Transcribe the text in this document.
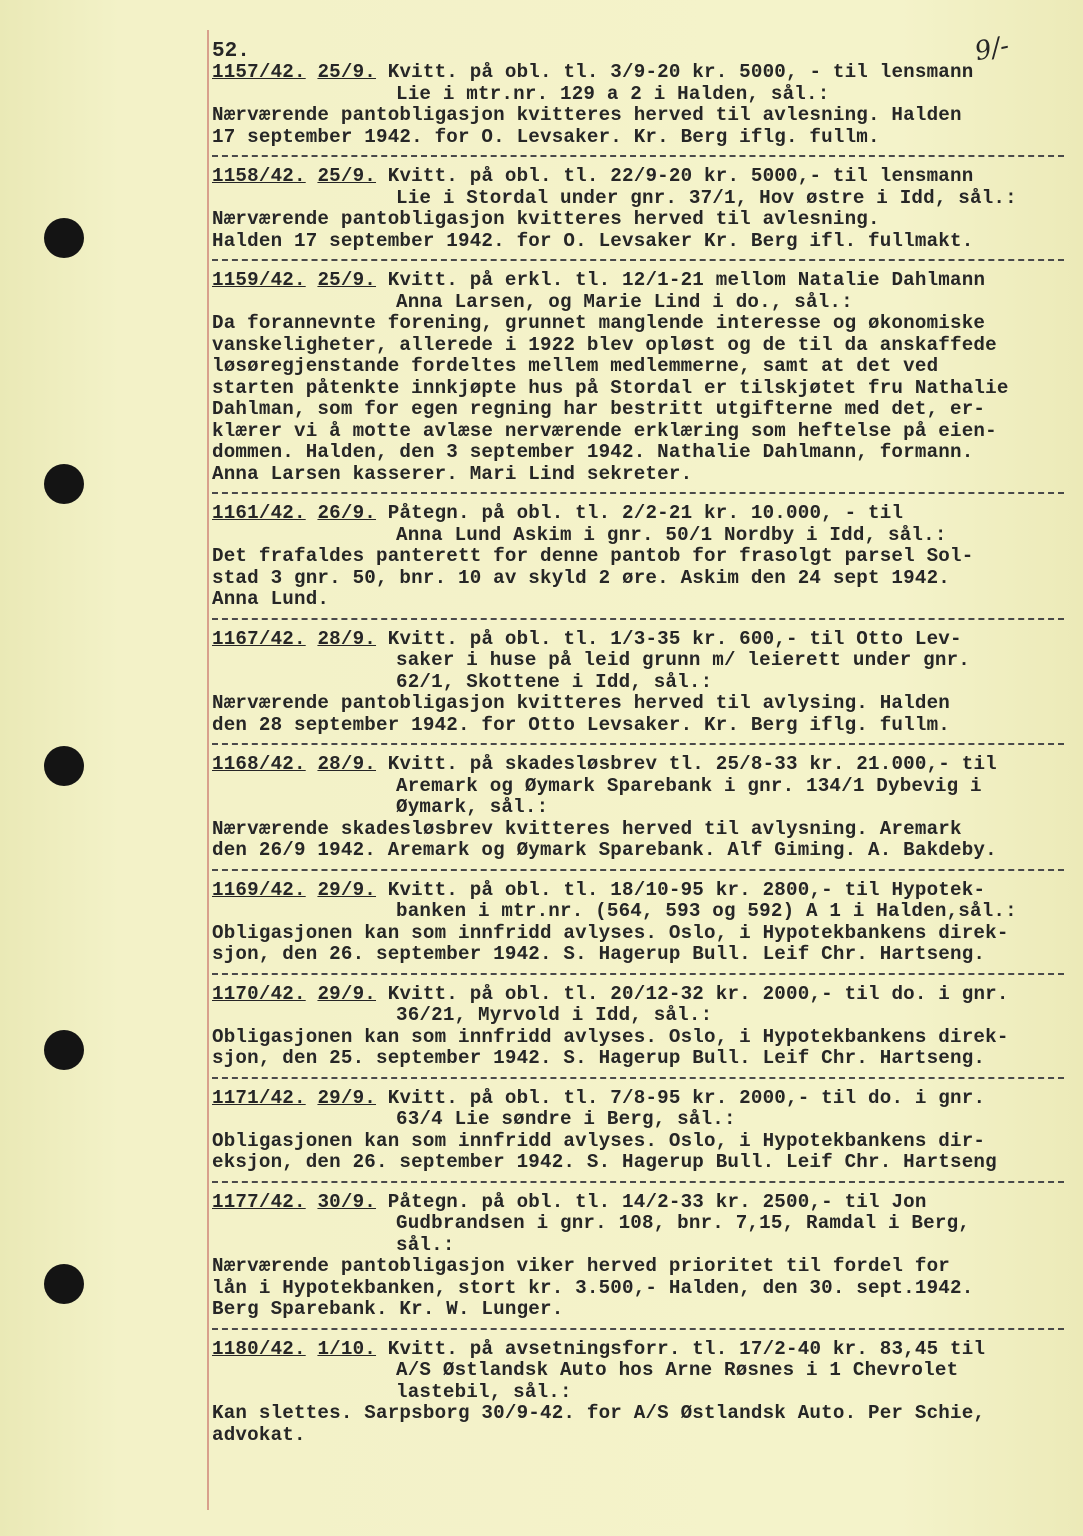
52.	9/-
1157/42. 25/9. Kvitt. på obl. tl. 3/9-20 kr. 5000, - til lensmann
Lie i mtr.nr. 129 a 2 i Halden, sål.:
Nærværende pantobligasjon kvitteres herved til avlesning. Halden
17 september 1942. for O. Levsaker. Kr. Berg iflg. fullm.
1158/42. 25/9. Kvitt. på obl. tl. 22/9-20 kr. 5000,- til lensmann
Lie i Stordal under gnr. 37/1, Hov østre i Idd, sål.:
Nærværende pantobligasjon kvitteres herved til avlesning.
Halden 17 september 1942. for O. Levsaker Kr. Berg ifl. fullmakt.
1159/42. 25/9. Kvitt. på erkl. tl. 12/1-21 mellom Natalie Dahlmann
Anna Larsen, og Marie Lind i do., sål.:
Da forannevnte forening, grunnet manglende interesse og økonomiske
vanskeligheter, allerede i 1922 blev opløst og de til da anskaffede
løsøregjenstande fordeltes mellem medlemmerne, samt at det ved
starten påtenkte innkjøpte hus på Stordal er tilskjøtet fru Nathalie
Dahlman, som for egen regning har bestritt utgifterne med det, er-
klærer vi å motte avlæse nerværende erklæring som heftelse på eien-
dommen. Halden, den 3 september 1942. Nathalie Dahlmann, formann.
Anna Larsen kasserer. Mari Lind sekreter.
1161/42. 26/9. Påtegn. på obl. tl. 2/2-21 kr. 10.000, - til
Anna Lund Askim i gnr. 50/1 Nordby i Idd, sål.:
Det frafaldes panterett for denne pantob for frasolgt parsel Sol-
stad 3 gnr. 50, bnr. 10 av skyld 2 øre. Askim den 24 sept 1942.
Anna Lund.
1167/42. 28/9. Kvitt. på obl. tl. 1/3-35 kr. 600,- til Otto Lev-
saker i huse på leid grunn m/ leierett under gnr.
62/1, Skottene i Idd, sål.:
Nærværende pantobligasjon kvitteres herved til avlysing. Halden
den 28 september 1942. for Otto Levsaker. Kr. Berg iflg. fullm.
1168/42. 28/9. Kvitt. på skadesløsbrev tl. 25/8-33 kr. 21.000,- til
Aremark og Øymark Sparebank i gnr. 134/1 Dybevig i
Øymark, sål.:
Nærværende skadesløsbrev kvitteres herved til avlysning. Aremark
den 26/9 1942. Aremark og Øymark Sparebank. Alf Giming. A. Bakdeby.
1169/42. 29/9. Kvitt. på obl. tl. 18/10-95 kr. 2800,- til Hypotek-
banken i mtr.nr. (564, 593 og 592) A 1 i Halden,sål.:
Obligasjonen kan som innfridd avlyses. Oslo, i Hypotekbankens direk-
sjon, den 26. september 1942. S. Hagerup Bull. Leif Chr. Hartseng.
1170/42. 29/9. Kvitt. på obl. tl. 20/12-32 kr. 2000,- til do. i gnr.
36/21, Myrvold i Idd, sål.:
Obligasjonen kan som innfridd avlyses. Oslo, i Hypotekbankens direk-
sjon, den 25. september 1942. S. Hagerup Bull. Leif Chr. Hartseng.
1171/42. 29/9. Kvitt. på obl. tl. 7/8-95 kr. 2000,- til do. i gnr.
63/4 Lie søndre i Berg, sål.:
Obligasjonen kan som innfridd avlyses. Oslo, i Hypotekbankens dir-
eksjon, den 26. september 1942. S. Hagerup Bull. Leif Chr. Hartseng
1177/42. 30/9. Påtegn. på obl. tl. 14/2-33 kr. 2500,- til Jon
Gudbrandsen i gnr. 108, bnr. 7,15, Ramdal i Berg,
sål.:
Nærværende pantobligasjon viker herved prioritet til fordel for
lån i Hypotekbanken, stort kr. 3.500,- Halden, den 30. sept.1942.
Berg Sparebank. Kr. W. Lunger.
1180/42. 1/10. Kvitt. på avsetningsforr. tl. 17/2-40 kr. 83,45 til
A/S Østlandsk Auto hos Arne Røsnes i 1 Chevrolet
lastebil, sål.:
Kan slettes. Sarpsborg 30/9-42. for A/S Østlandsk Auto. Per Schie,
advokat.
